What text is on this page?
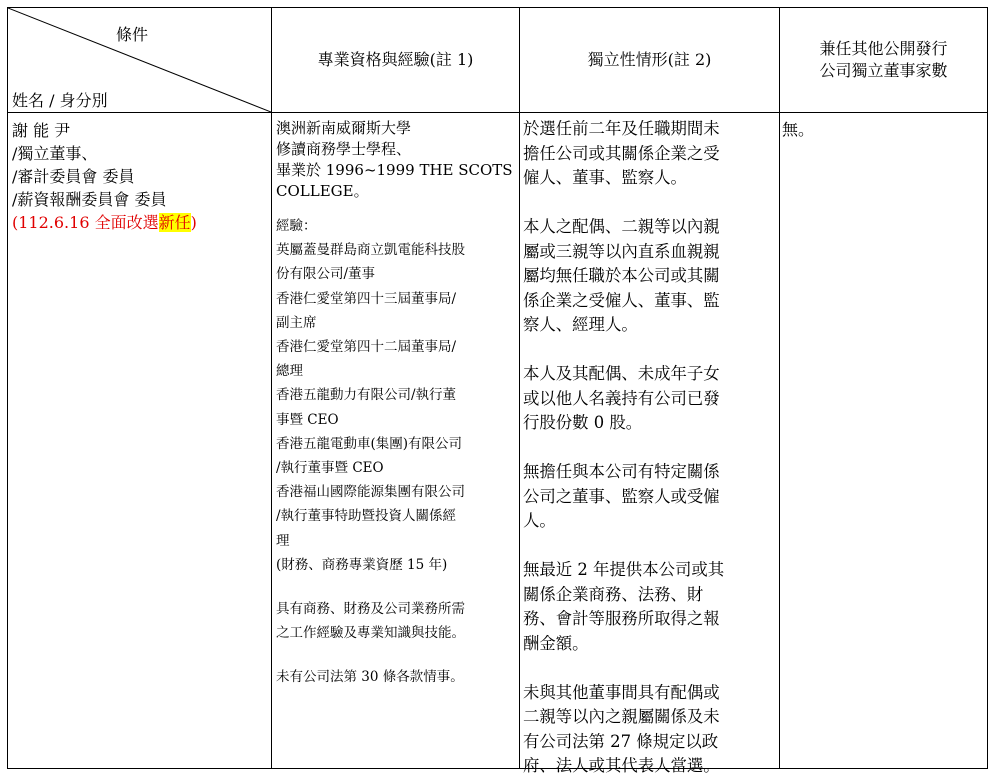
條件
姓名 / 身分別
專業資格與經驗(註 1)	獨立性情形(註 2)
兼任其他公開發行
公司獨立董事家數
謝 能 尹
/獨立董事、
/審計委員會 委員
/薪資報酬委員會 委員
(112.6.16 全面改選新任)
澳洲新南威爾斯大學
修讀商務學士學程、
畢業於 1996~1999 THE SCOTS
COLLEGE。
經驗：
英屬蓋曼群島商立凱電能科技股
份有限公司/董事
香港仁愛堂第四十三屆董事局/
副主席
香港仁愛堂第四十二屆董事局/
總理
香港五龍動力有限公司/執行董
事暨 CEO
香港五龍電動車(集團)有限公司
/執行董事暨 CEO
香港福山國際能源集團有限公司
/執行董事特助暨投資人關係經
理
(財務、商務專業資歷 15 年)
具有商務、財務及公司業務所需
之工作經驗及專業知識與技能。
未有公司法第 30 條各款情事。

於選任前二年及任職期間未
擔任公司或其關係企業之受
僱人、董事、監察人。

本人之配偶、二親等以內親
屬或三親等以內直系血親親
屬均無任職於本公司或其關
係企業之受僱人、董事、監
察人、經理人。

本人及其配偶、未成年子女
或以他人名義持有公司已發
行股份數 0 股。

無擔任與本公司有特定關係
公司之董事、監察人或受僱
人。

無最近 2 年提供本公司或其
關係企業商務、法務、財
務、會計等服務所取得之報
酬金額。

未與其他董事間具有配偶或
二親等以內之親屬關係及未
有公司法第 27 條規定以政
府、法人或其代表人當選。

無。
